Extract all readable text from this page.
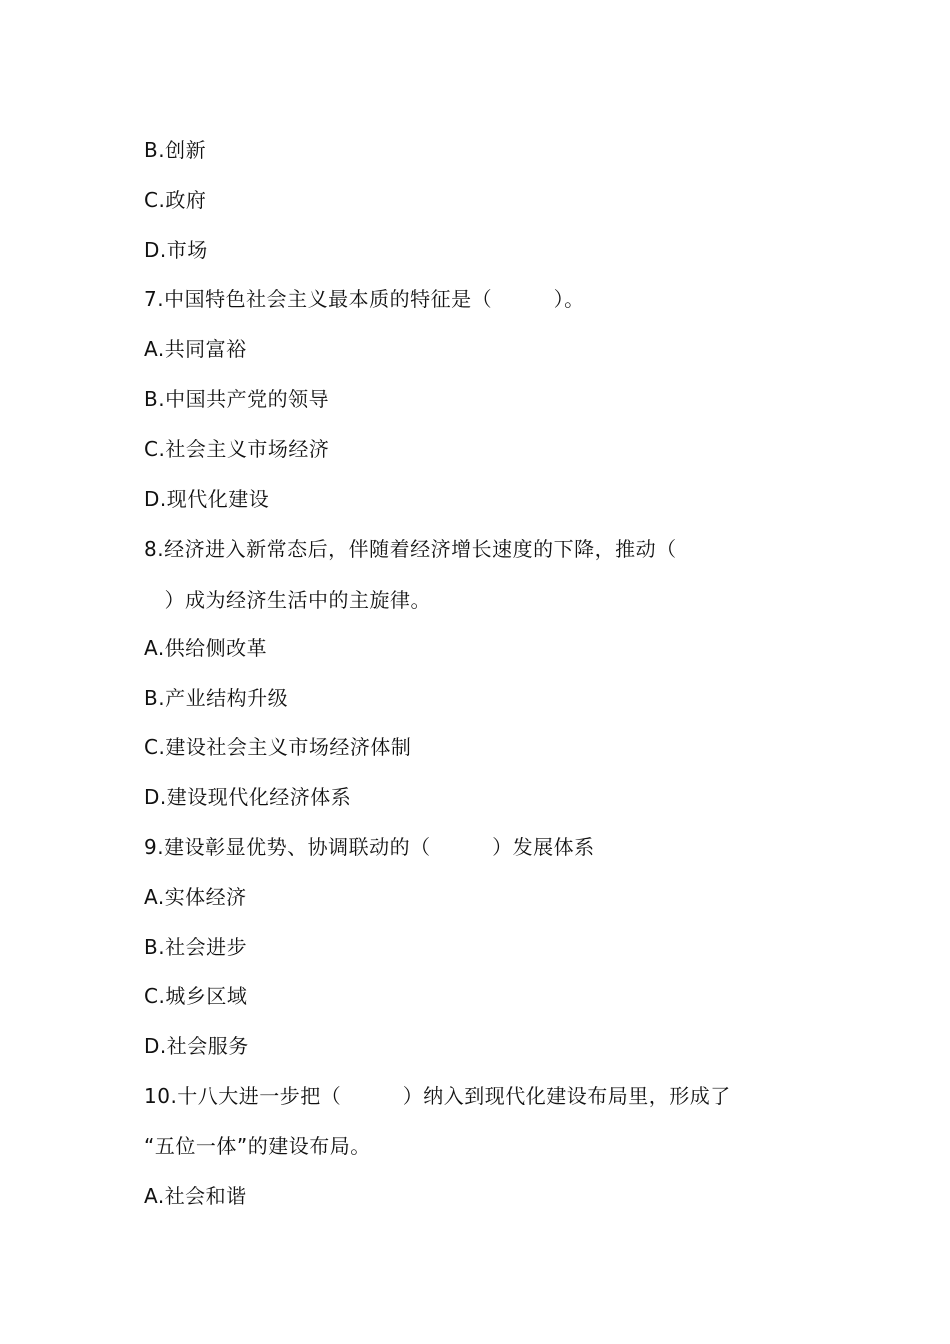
B.创新
C.政府
D.市场
7.中国特色社会主义最本质的特征是（　　　）。
A.共同富裕
B.中国共产党的领导
C.社会主义市场经济
D.现代化建设
8.经济进入新常态后，伴随着经济增长速度的下降，推动（
　）成为经济生活中的主旋律。
A.供给侧改革
B.产业结构升级
C.建设社会主义市场经济体制
D.建设现代化经济体系
9.建设彰显优势、协调联动的（　　　）发展体系
A.实体经济
B.社会进步
C.城乡区域
D.社会服务
10.十八大进一步把（　　　）纳入到现代化建设布局里，形成了
“五位一体”的建设布局。
A.社会和谐
